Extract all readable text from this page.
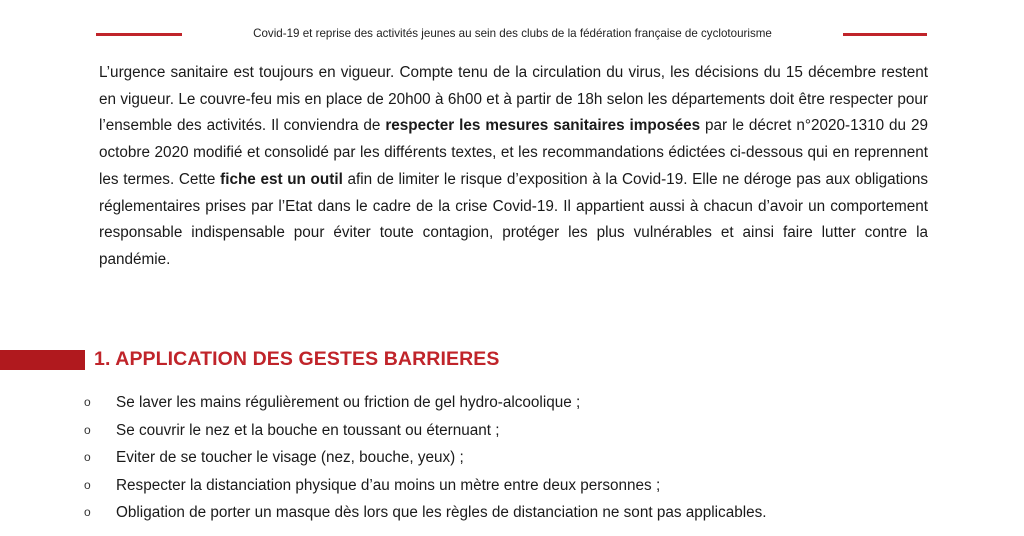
Covid-19 et reprise des activités jeunes au sein des clubs de la fédération française de cyclotourisme

L’urgence sanitaire est toujours en vigueur. Compte tenu de la circulation du virus, les décisions du 15 décembre restent en vigueur. Le couvre-feu mis en place de 20h00 à 6h00 et à partir de 18h selon les départements doit être respecter pour l’ensemble des activités. Il conviendra de respecter les mesures sanitaires imposées par le décret n°2020-1310 du 29 octobre 2020 modifié et consolidé par les différents textes, et les recommandations édictées ci-dessous qui en reprennent les termes. Cette fiche est un outil afin de limiter le risque d’exposition à la Covid-19. Elle ne déroge pas aux obligations réglementaires prises par l’Etat dans le cadre de la crise Covid-19. Il appartient aussi à chacun d’avoir un comportement responsable indispensable pour éviter toute contagion, protéger les plus vulnérables et ainsi faire lutter contre la pandémie.

1. APPLICATION DES GESTES BARRIERES
o Se laver les mains régulièrement ou friction de gel hydro-alcoolique ;
o Se couvrir le nez et la bouche en toussant ou éternuant ;
o Eviter de se toucher le visage (nez, bouche, yeux) ;
o Respecter la distanciation physique d’au moins un mètre entre deux personnes ;
o Obligation de porter un masque dès lors que les règles de distanciation ne sont pas applicables.
